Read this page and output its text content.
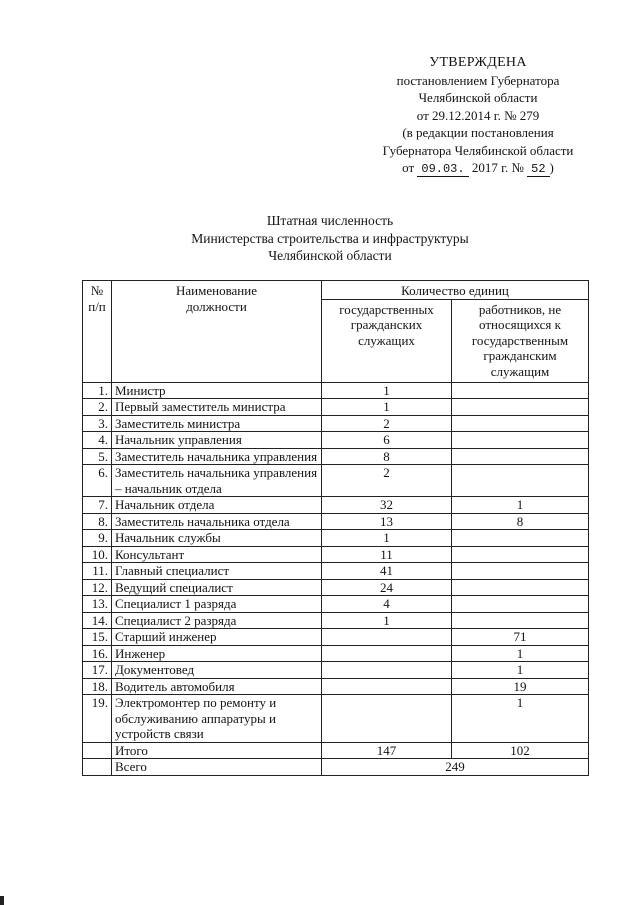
УТВЕРЖДЕНА
постановлением Губернатора
Челябинской области
от 29.12.2014 г. № 279
(в редакции постановления
Губернатора Челябинской области
от 09.03. 2017 г. № 52 )
Штатная численность
Министерства строительства и инфраструктуры
Челябинской области
№ п/п	Наименование должности	Количество единиц	
		государственных гражданских служащих	работников, не относящихся к государственным гражданским служащим
1.	Министр	1	
2.	Первый заместитель министра	1	
3.	Заместитель министра	2	
4.	Начальник управления	6	
5.	Заместитель начальника управления	8	
6.	Заместитель начальника управления – начальник отдела	2	
7.	Начальник отдела	32	1
8.	Заместитель начальника отдела	13	8
9.	Начальник службы	1	
10.	Консультант	11	
11.	Главный специалист	41	
12.	Ведущий специалист	24	
13.	Специалист 1 разряда	4	
14.	Специалист 2 разряда	1	
15.	Старший инженер		71
16.	Инженер		1
17.	Документовед		1
18.	Водитель автомобиля		19
19.	Электромонтер по ремонту и обслуживанию аппаратуры и устройств связи		1
	Итого	147	102
	Всего	249	
